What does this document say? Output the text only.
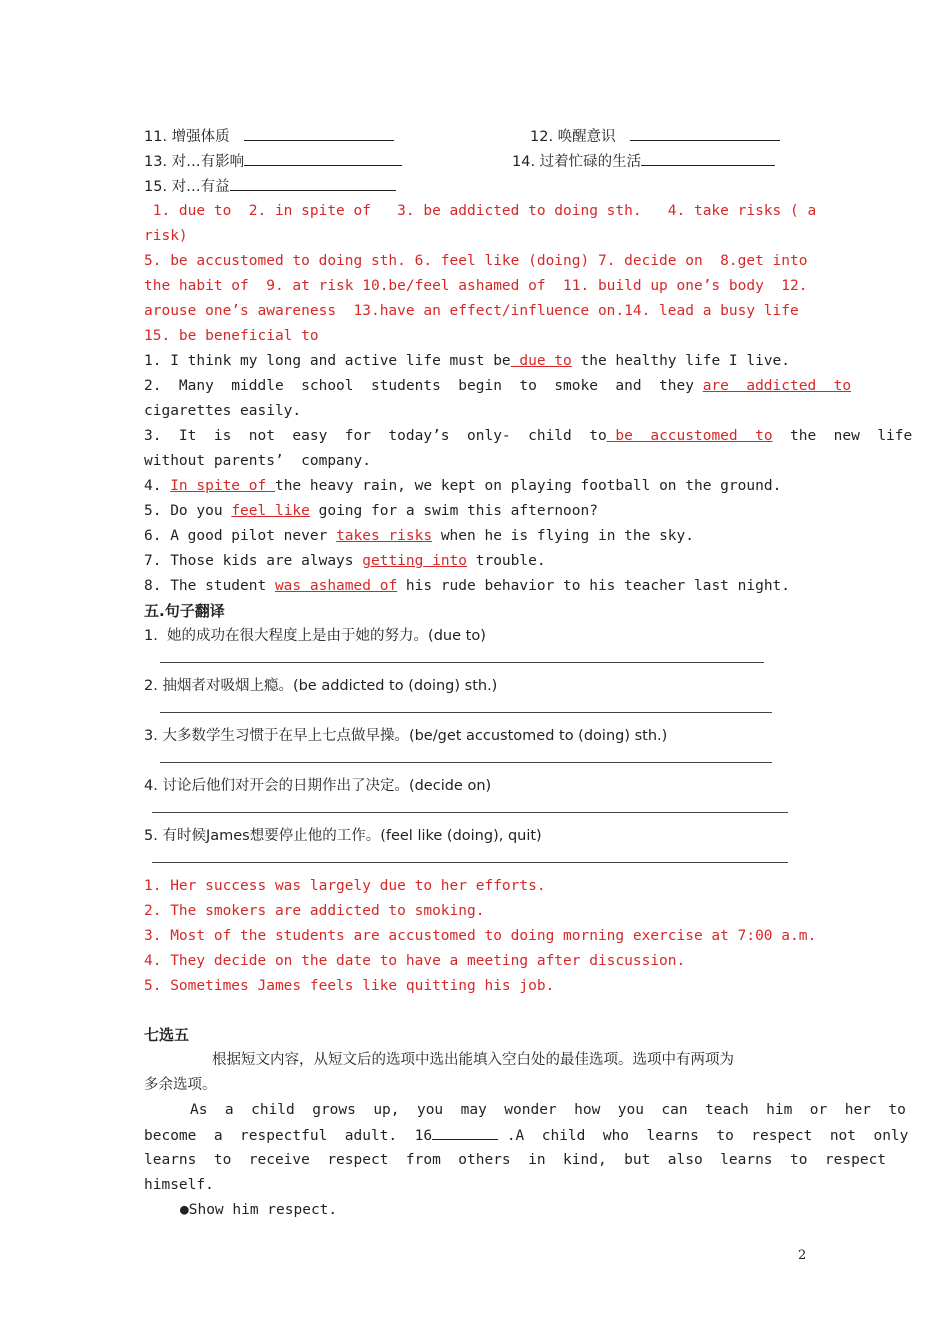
11. 增强体质	12. 唤醒意识
13. 对…有影响	14. 过着忙碌的生活
15. 对…有益
1. due to  2. in spite of   3. be addicted to doing sth.   4. take risks ( a
risk)
5. be accustomed to doing sth. 6. feel like (doing) 7. decide on  8.get into
the habit of  9. at risk 10.be/feel ashamed of  11. build up one’s body  12.
arouse one’s awareness  13.have an effect/influence on.14. lead a busy life
15. be beneficial to
1. I think my long and active life must be due to the healthy life I live.
2.  Many  middle  school  students  begin  to  smoke  and  they are  addicted  to
cigarettes easily.
3.  It  is  not  easy  for  today’s  only-  child  to be  accustomed  to  the  new  life
without parents’  company.
4. In spite of the heavy rain, we kept on playing football on the ground.
5. Do you feel like going for a swim this afternoon?
6. A good pilot never takes risks when he is flying in the sky.
7. Those kids are always getting into trouble.
8. The student was ashamed of his rude behavior to his teacher last night.
五.句子翻译
1.  她的成功在很大程度上是由于她的努力。(due to)
2. 抽烟者对吸烟上瘾。(be addicted to (doing) sth.)
3. 大多数学生习惯于在早上七点做早操。(be/get accustomed to (doing) sth.)
4. 讨论后他们对开会的日期作出了决定。(decide on)
5. 有时候James想要停止他的工作。(feel like (doing), quit)
1. Her success was largely due to her efforts.
2. The smokers are addicted to smoking.
3. Most of the students are accustomed to doing morning exercise at 7:00 a.m.
4. They decide on the date to have a meeting after discussion.
5. Sometimes James feels like quitting his job.
七选五
根据短文内容，从短文后的选项中选出能填入空白处的最佳选项。选项中有两项为
多余选项。
As  a  child  grows  up,  you  may  wonder  how  you  can  teach  him  or  her  to
become  a  respectful  adult.  16	.A  child  who  learns  to  respect  not  only
learns  to  receive  respect  from  others  in  kind,  but  also  learns  to  respect
himself.
●Show him respect.
2
